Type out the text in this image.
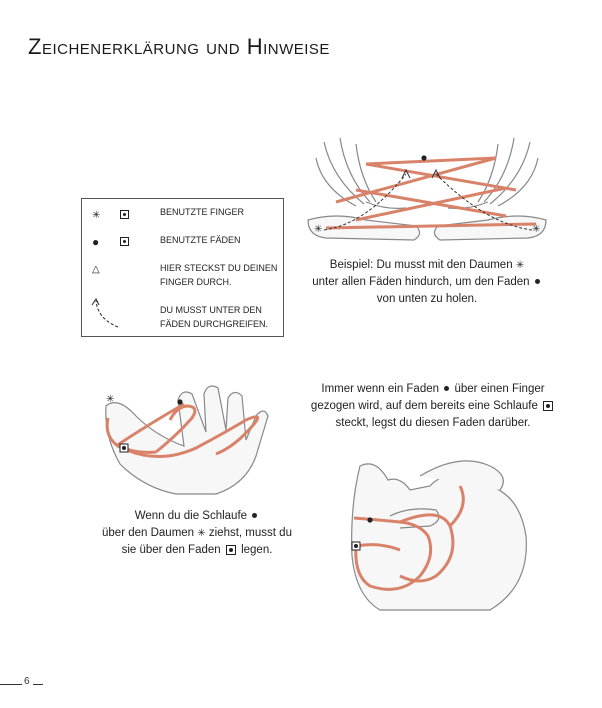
Zeichenerklärung und Hinweise
✳	BENUTZTE FINGER
●	BENUTZTE FÄDEN
△	HIER STECKST DU DEINEN FINGER DURCH.
DU MUSST UNTER DEN FÄDEN DURCHGREIFEN.
✳	✳
Beispiel: Du musst mit den Daumen ✳
unter allen Fäden hindurch, um den Faden
von unten zu holen.
✳
Wenn du die Schlaufe
über den Daumen ✳ ziehst, musst du
sie über den Faden legen.
Immer wenn ein Faden über einen Finger
gezogen wird, auf dem bereits eine Schlaufe
steckt, legst du diesen Faden darüber.
6
